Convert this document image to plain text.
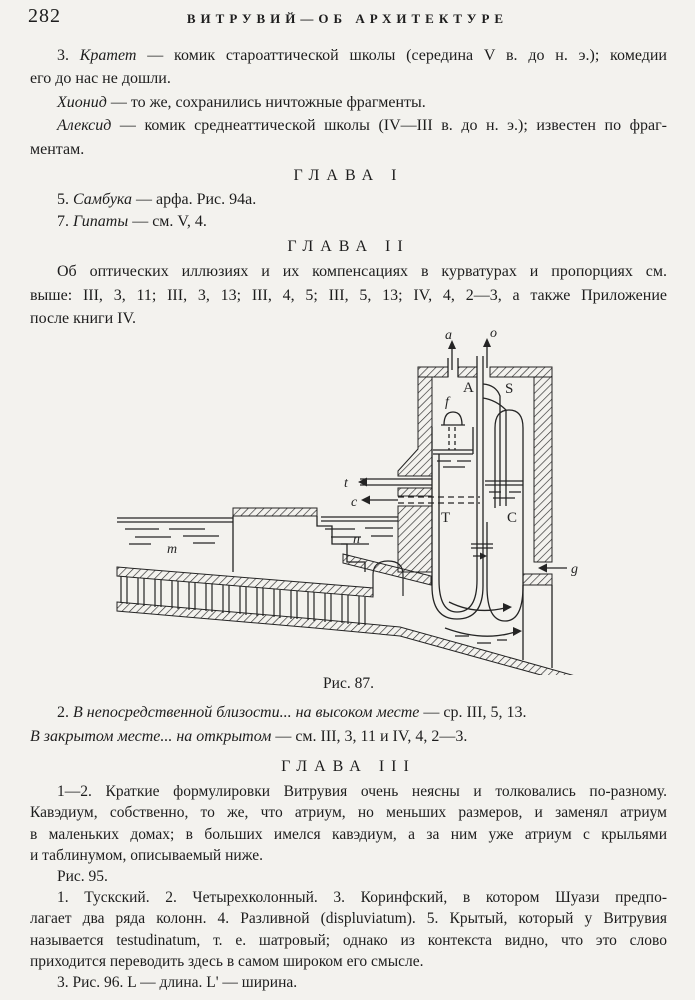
282	ВИТРУВИЙ—ОБ АРХИТЕКТУРЕ
3. Кратет — комик староаттической школы (середина V в. до н. э.); комедии
его до нас не дошли.
Хионид — то же, сохранились ничтожные фрагменты.
Алексид — комик среднеаттической школы (IV—III в. до н. э.); известен по фраг-
ментам.
ГЛАВА I
5. Самбука — арфа. Рис. 94а.
7. Гипаты — см. V, 4.
ГЛАВА II
Об оптических иллюзиях и их компенсациях в курватурах и пропорциях см.
выше: III, 3, 11; III, 3, 13; III, 4, 5; III, 5, 13; IV, 4, 2—3, а также Приложение
после книги IV.
a	o
A S
f
t
c
T	C
m
n
g
Рис. 87.
2. В непосредственной близости... на высоком месте — ср. III, 5, 13.
В закрытом месте... на открытом — см. III, 3, 11 и IV, 4, 2—3.
ГЛАВА III
1—2. Краткие формулировки Витрувия очень неясны и толковались по-разному.
Кавэдиум, собственно, то же, что атриум, но меньших размеров, и заменял атриум
в маленьких домах; в больших имелся кавэдиум, а за ним уже атриум с крыльями
и таблинумом, описываемый ниже.
Рис. 95.
1. Тускский. 2. Четырехколонный. 3. Коринфский, в котором Шуази предпо-
лагает два ряда колонн. 4. Разливной (displuviatum). 5. Крытый, который у Витрувия
называется testudinatum, т. е. шатровый; однако из контекста видно, что это слово
приходится переводить здесь в самом широком его смысле.
3. Рис. 96. L — длина. L' — ширина.
